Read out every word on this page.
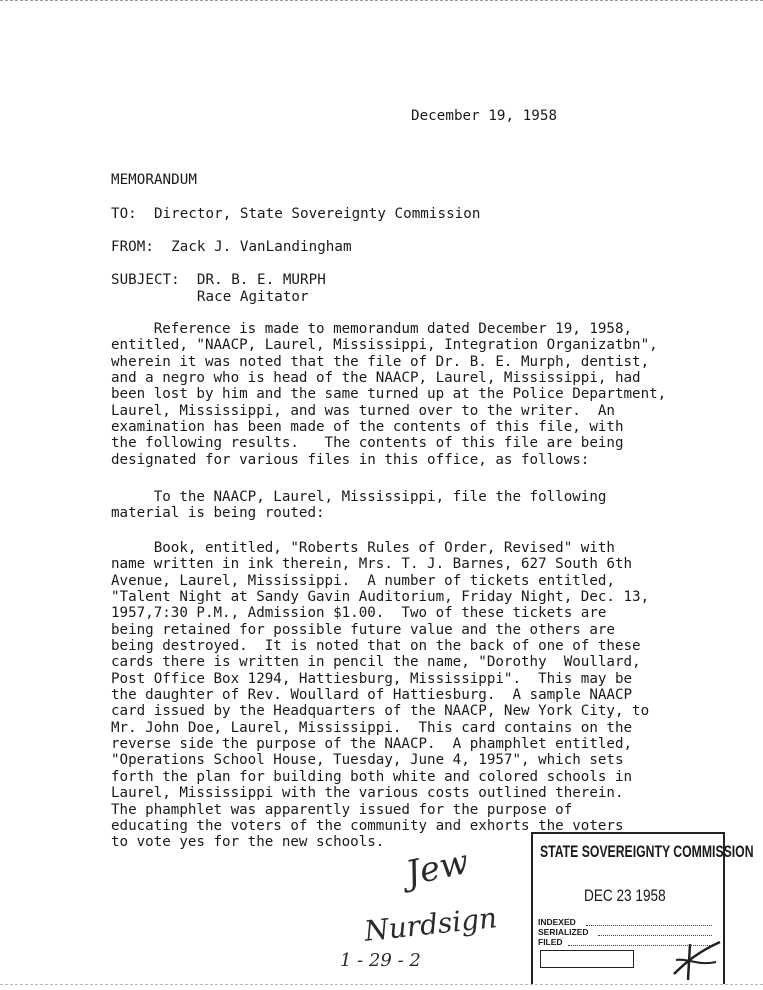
December 19, 1958
MEMORANDUM
TO:  Director, State Sovereignty Commission
FROM:  Zack J. VanLandingham
SUBJECT:  DR. B. E. MURPH
Race Agitator
Reference is made to memorandum dated December 19, 1958,
entitled, "NAACP, Laurel, Mississippi, Integration Organizatbn",
wherein it was noted that the file of Dr. B. E. Murph, dentist,
and a negro who is head of the NAACP, Laurel, Mississippi, had
been lost by him and the same turned up at the Police Department,
Laurel, Mississippi, and was turned over to the writer.  An
examination has been made of the contents of this file, with
the following results.   The contents of this file are being
designated for various files in this office, as follows:
To the NAACP, Laurel, Mississippi, file the following
material is being routed:
Book, entitled, "Roberts Rules of Order, Revised" with
name written in ink therein, Mrs. T. J. Barnes, 627 South 6th
Avenue, Laurel, Mississippi.  A number of tickets entitled,
"Talent Night at Sandy Gavin Auditorium, Friday Night, Dec. 13,
1957,7:30 P.M., Admission $1.00.  Two of these tickets are
being retained for possible future value and the others are
being destroyed.  It is noted that on the back of one of these
cards there is written in pencil the name, "Dorothy  Woullard,
Post Office Box 1294, Hattiesburg, Mississippi".  This may be
the daughter of Rev. Woullard of Hattiesburg.  A sample NAACP
card issued by the Headquarters of the NAACP, New York City, to
Mr. John Doe, Laurel, Mississippi.  This card contains on the
reverse side the purpose of the NAACP.  A phamphlet entitled,
"Operations School House, Tuesday, June 4, 1957", which sets
forth the plan for building both white and colored schools in
Laurel, Mississippi with the various costs outlined therein.
The phamphlet was apparently issued for the purpose of
educating the voters of the community and exhorts the voters
to vote yes for the new schools.	STATE SOVEREIGNTY COMMISSION
DEC 23 1958
INDEXED
SERIALIZED
FILED
Jew
Nurdsign
1 - 29 - 2
